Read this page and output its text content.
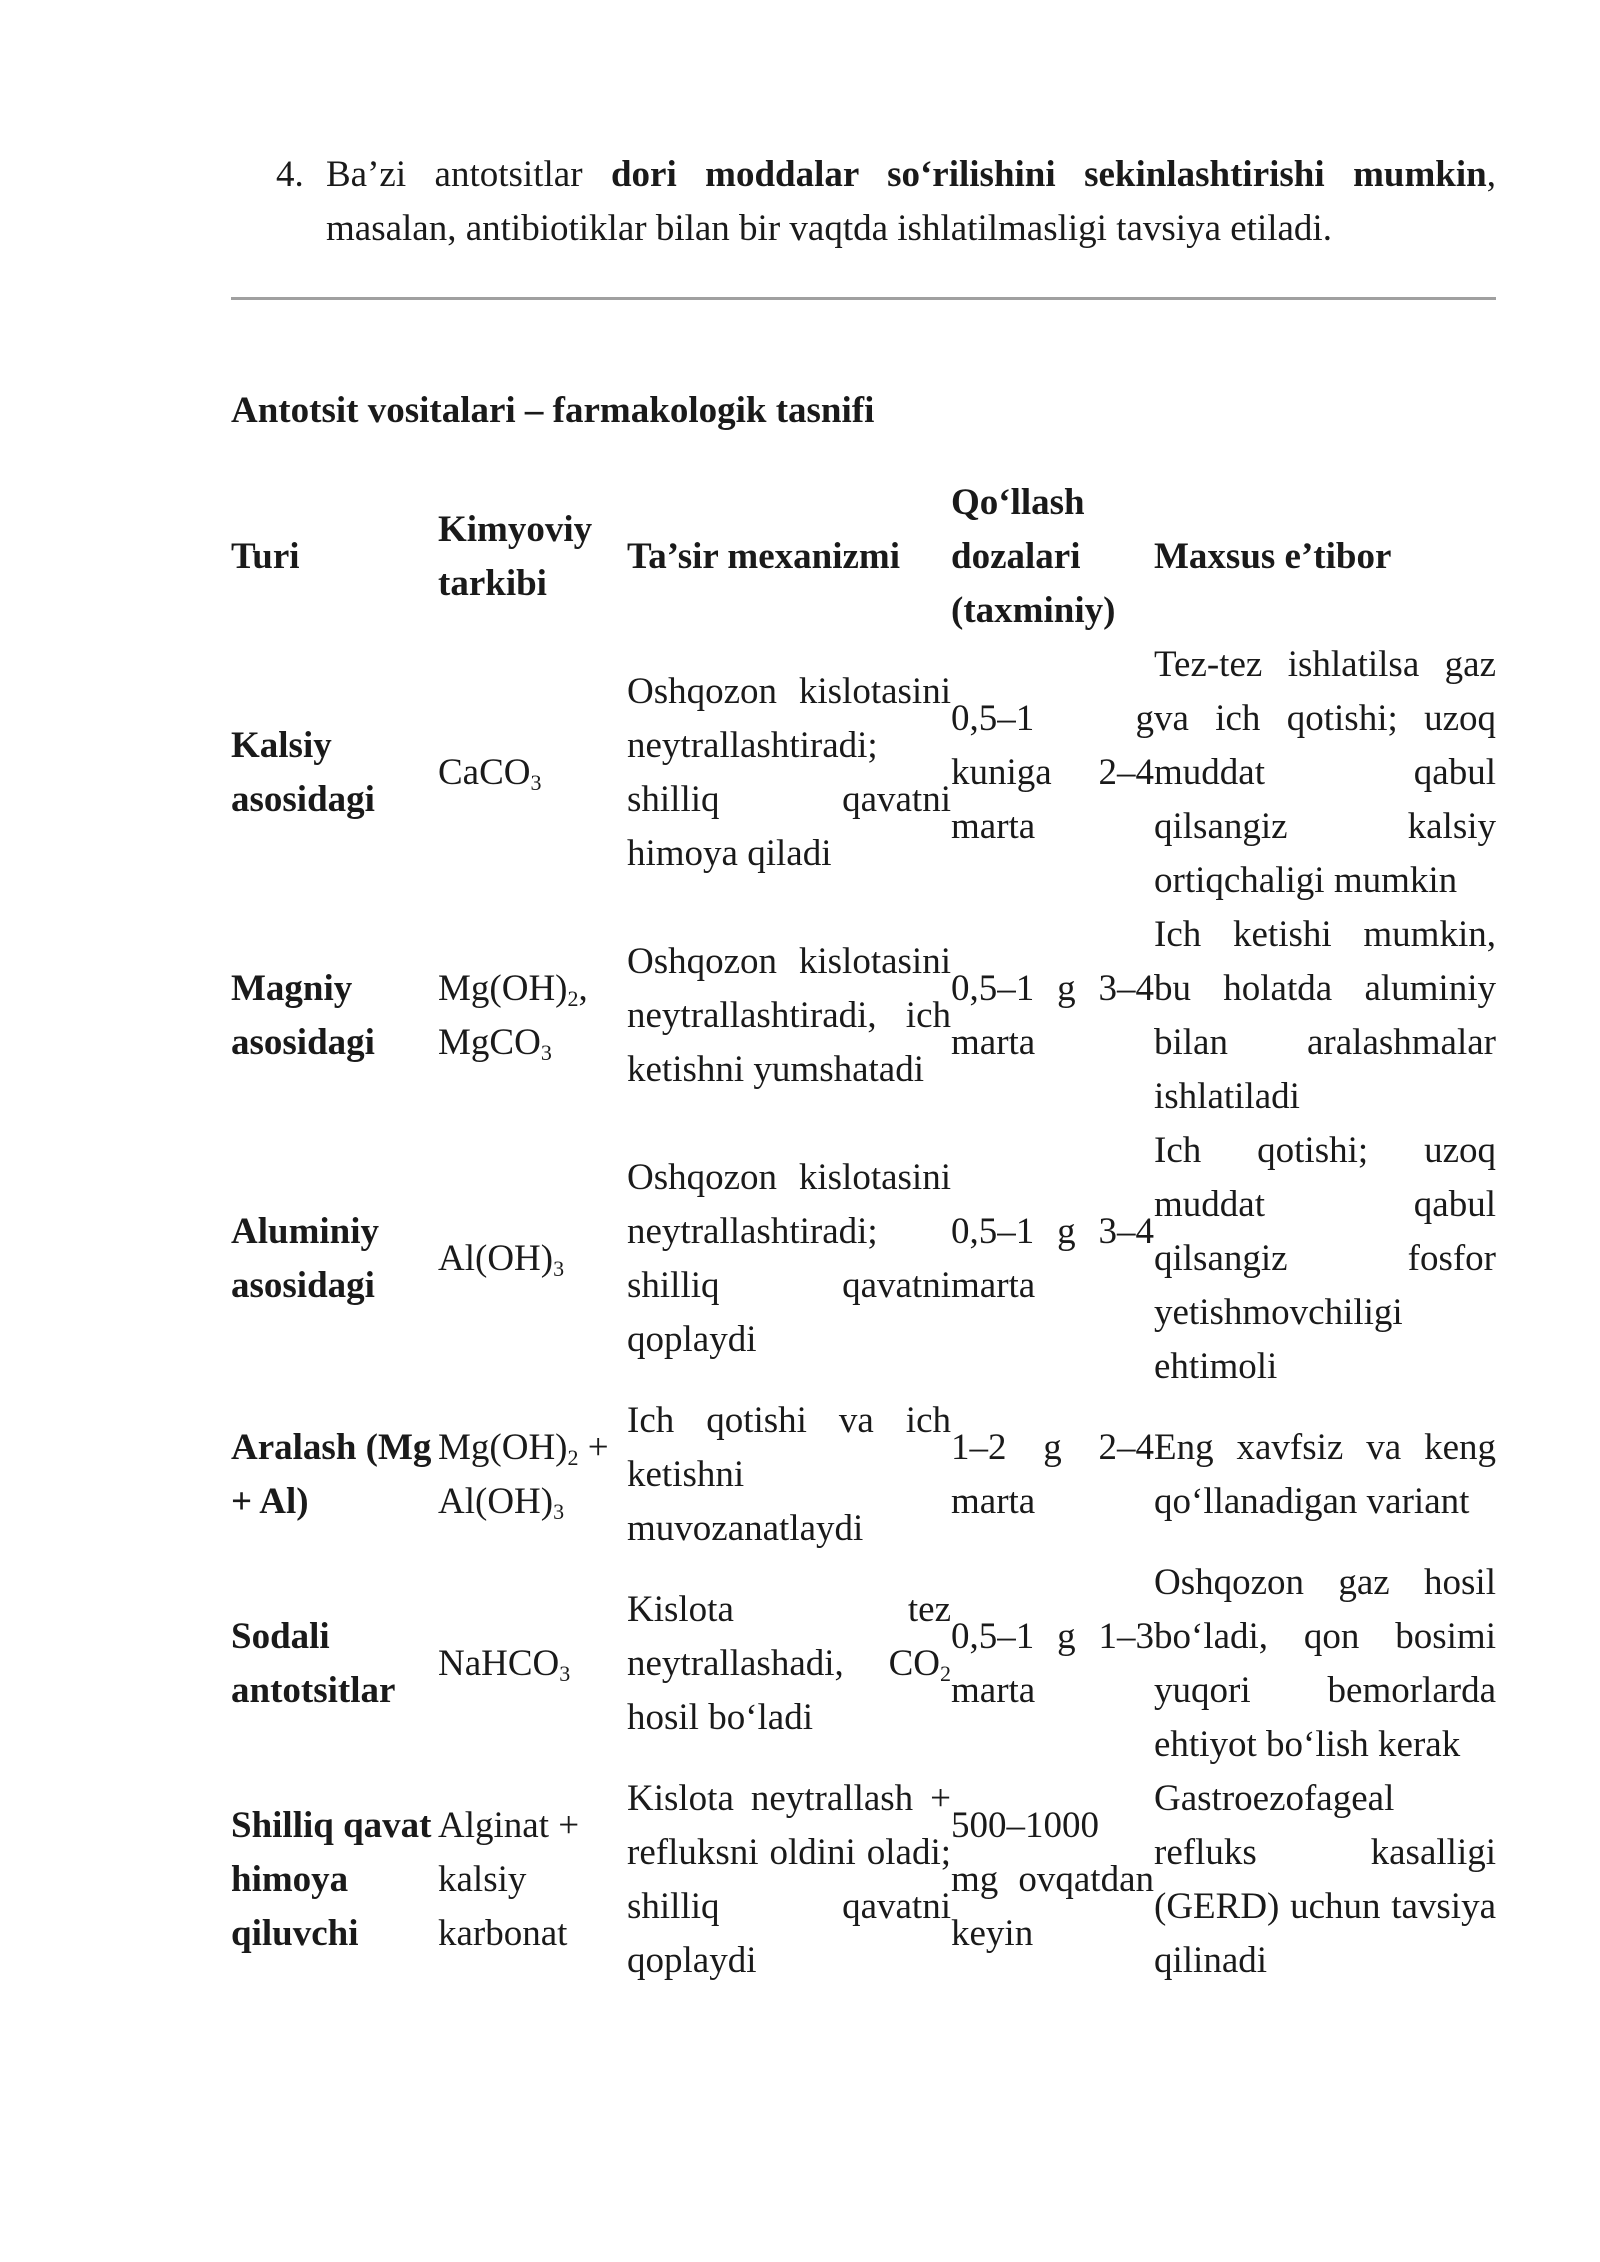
4. Ba’zi antotsitlar dori moddalar so‘rilishini sekinlashtirishi mumkin, masalan, antibiotiklar bilan bir vaqtda ishlatilmasligi tavsiya etiladi.
Antotsit vositalari – farmakologik tasnifi
Turi	Kimyoviy tarkibi	Ta’sir mexanizmi	Qo‘llash dozalari (taxminiy)	Maxsus e’tibor
Kalsiy asosidagi	CaCO$_3$	Oshqozon kislotasini neytrallashtiradi; shilliq qavatni himoya qiladi	0,5–1 g kuniga 2–4 marta	Tez-tez ishlatilsa gaz va ich qotishi; uzoq muddat qabul qilsangiz kalsiy ortiqchaligi mumkin
Magniy asosidagi	$Mg(OH)_2$, MgCO$_3$	Oshqozon kislotasini neytrallashtiradi, ich ketishni yumshatadi	0,5–1 g 3–4 marta	Ich ketishi mumkin, bu holatda aluminiy bilan aralashmalar ishlatiladi
Aluminiy asosidagi	$Al(OH)_3$	Oshqozon kislotasini neytrallashtiradi; shilliq qavatni qoplaydi	0,5–1 g 3–4 marta	Ich qotishi; uzoq muddat qabul qilsangiz fosfor yetishmovchiligi ehtimoli
Aralash (Mg + Al)	$Mg(OH)_2 + Al(OH)_3$	Ich qotishi va ich ketishni muvozanatlaydi	1–2 g 2–4 marta	Eng xavfsiz va keng qo‘llanadigan variant
Sodali antotsitlar	NaHCO$_3$	Kislota tez neytrallashadi, $CO_2$ hosil bo‘ladi	0,5–1 g 1–3 marta	Oshqozon gaz hosil bo‘ladi, qon bosimi yuqori bemorlarda ehtiyot bo‘lish kerak
Shilliq qavat himoya qiluvchi	Alginat + kalsiy karbonat	Kislota neytrallash + refluksni oldini oladi; shilliq qavatni qoplaydi	500–1000 mg ovqatdan keyin	Gastroezofageal refluks kasalligi (GERD) uchun tavsiya qilinadi
